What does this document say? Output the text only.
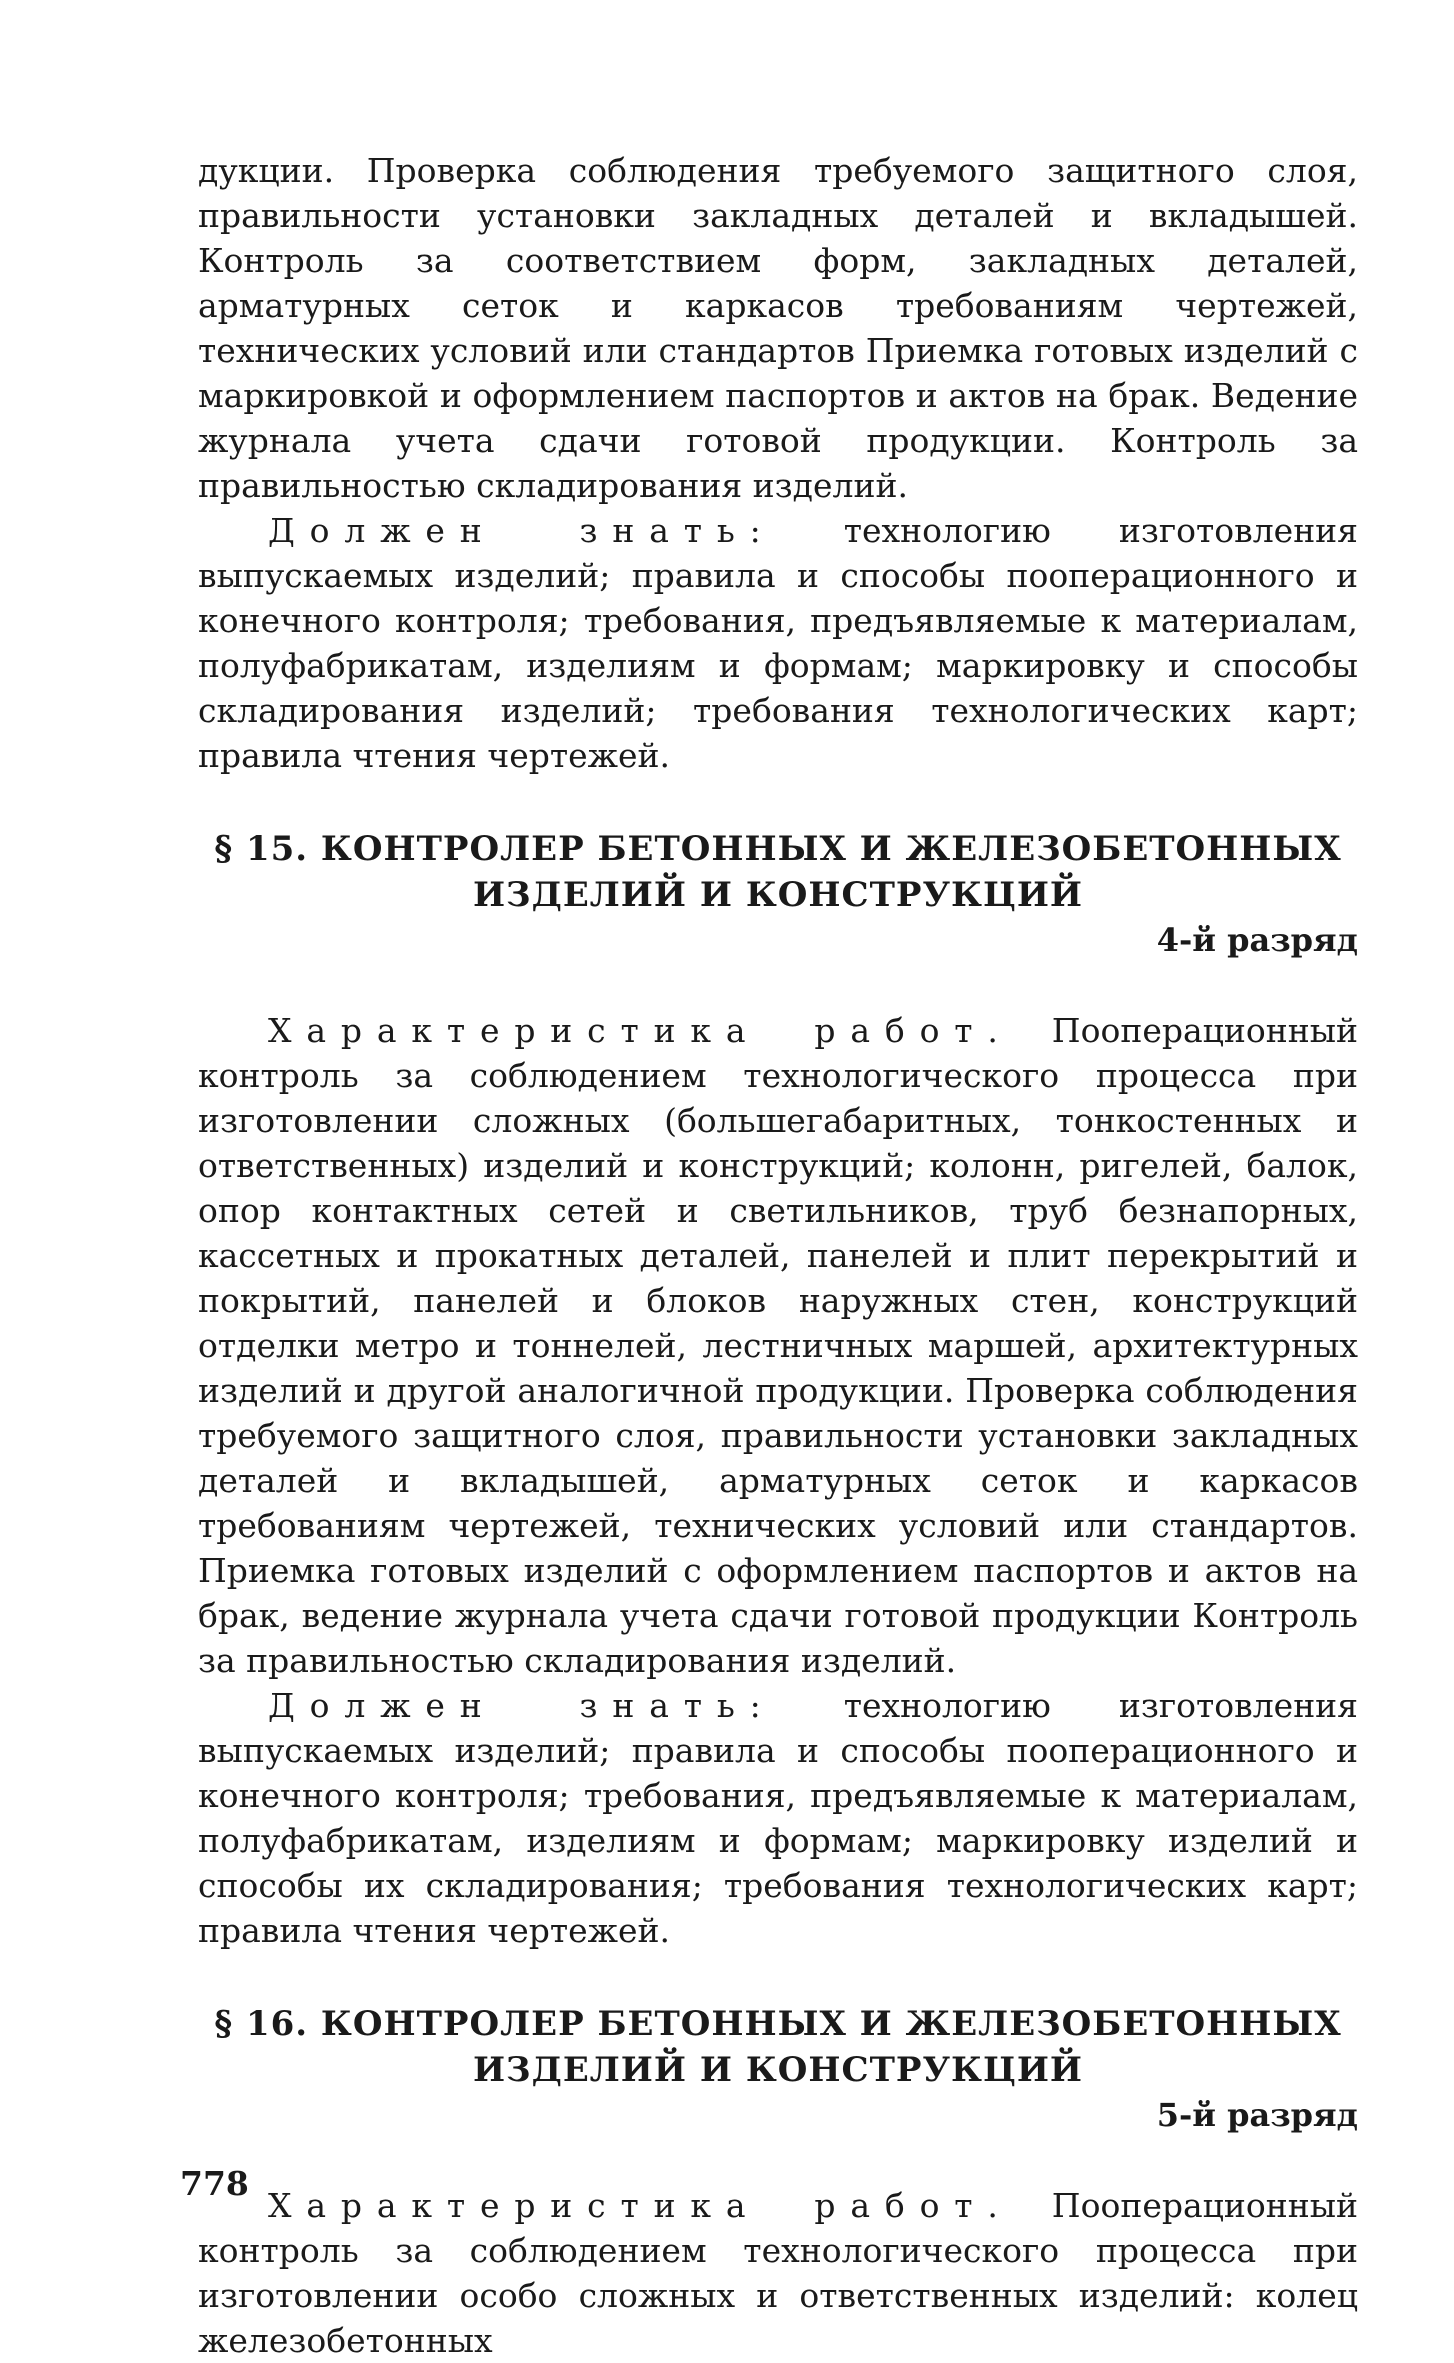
дукции. Проверка соблюдения требуемого защитного слоя, правильности установки закладных деталей и вкладышей. Контроль за соответствием форм, закладных деталей, арматурных сеток и каркасов требованиям чертежей, технических условий или стандартов Приемка готовых изделий с маркировкой и оформлением паспортов и актов на брак. Ведение журнала учета сдачи готовой продукции. Контроль за правильностью складирования изделий.

Должен знать: технологию изготовления выпускаемых изделий; правила и способы пооперационного и конечного контроля; требования, предъявляемые к материалам, полуфабрикатам, изделиям и формам; маркировку и способы складирования изделий; требования технологических карт; правила чтения чертежей.

§ 15. КОНТРОЛЕР БЕТОННЫХ И ЖЕЛЕЗОБЕТОННЫХ

ИЗДЕЛИЙ И КОНСТРУКЦИЙ

4-й разряд

Характеристика работ. Пооперационный контроль за соблюдением технологического процесса при изготовлении сложных (большегабаритных, тонкостенных и ответственных) изделий и конструкций; колонн, ригелей, балок, опор контактных сетей и светильников, труб безнапорных, кассетных и прокатных деталей, панелей и плит перекрытий и покрытий, панелей и блоков наружных стен, конструкций отделки метро и тоннелей, лестничных маршей, архитектурных изделий и другой аналогичной продукции. Проверка соблюдения требуемого защитного слоя, правильности установки закладных деталей и вкладышей, арматурных сеток и каркасов требованиям чертежей, технических условий или стандартов. Приемка готовых изделий с оформлением паспортов и актов на брак, ведение журнала учета сдачи готовой продукции Контроль за правильностью складирования изделий.

Должен знать: технологию изготовления выпускаемых изделий; правила и способы пооперационного и конечного контроля; требования, предъявляемые к материалам, полуфабрикатам, изделиям и формам; маркировку изделий и способы их складирования; требования технологических карт; правила чтения чертежей.

§ 16. КОНТРОЛЕР БЕТОННЫХ И ЖЕЛЕЗОБЕТОННЫХ

ИЗДЕЛИЙ И КОНСТРУКЦИЙ

5-й разряд

Характеристика работ. Пооперационный контроль за соблюдением технологического процесса при изготовлении особо сложных и ответственных изделий: колец железобетонных

778
